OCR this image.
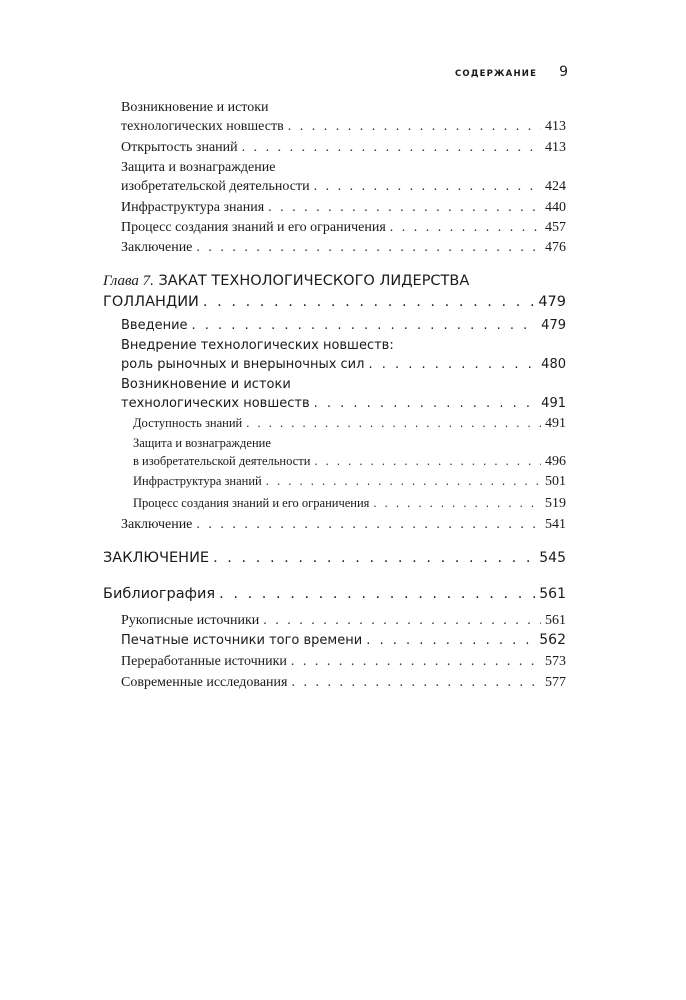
СОДЕРЖАНИЕ 9
Возникновение и истоки
технологических новшеств . . .	413
Открытость знаний . . .	413
Защита и вознаграждение
изобретательской деятельности . . .	424
Инфраструктура знания . . .	440
Процесс создания знаний и его ограничения . . .	457
Заключение . . .	476
Глава 7. ЗАКАТ ТЕХНОЛОГИЧЕСКОГО ЛИДЕРСТВА
ГОЛЛАНДИИ . . .	479
Введение . . .	479
Внедрение технологических новшеств:
роль рыночных и внерыночных сил . . .	480
Возникновение и истоки
технологических новшеств . . .	491
Доступность знаний . . .	491
Защита и вознаграждение
в изобретательской деятельности . . .	496
Инфраструктура знаний . . .	501
Процесс создания знаний и его ограничения . . .	519
Заключение . . .	541
ЗАКЛЮЧЕНИЕ . . .	545
Библиография . . .	561
Рукописные источники . . .	561
Печатные источники того времени . . .	562
Переработанные источники . . .	573
Современные исследования . . .	577
